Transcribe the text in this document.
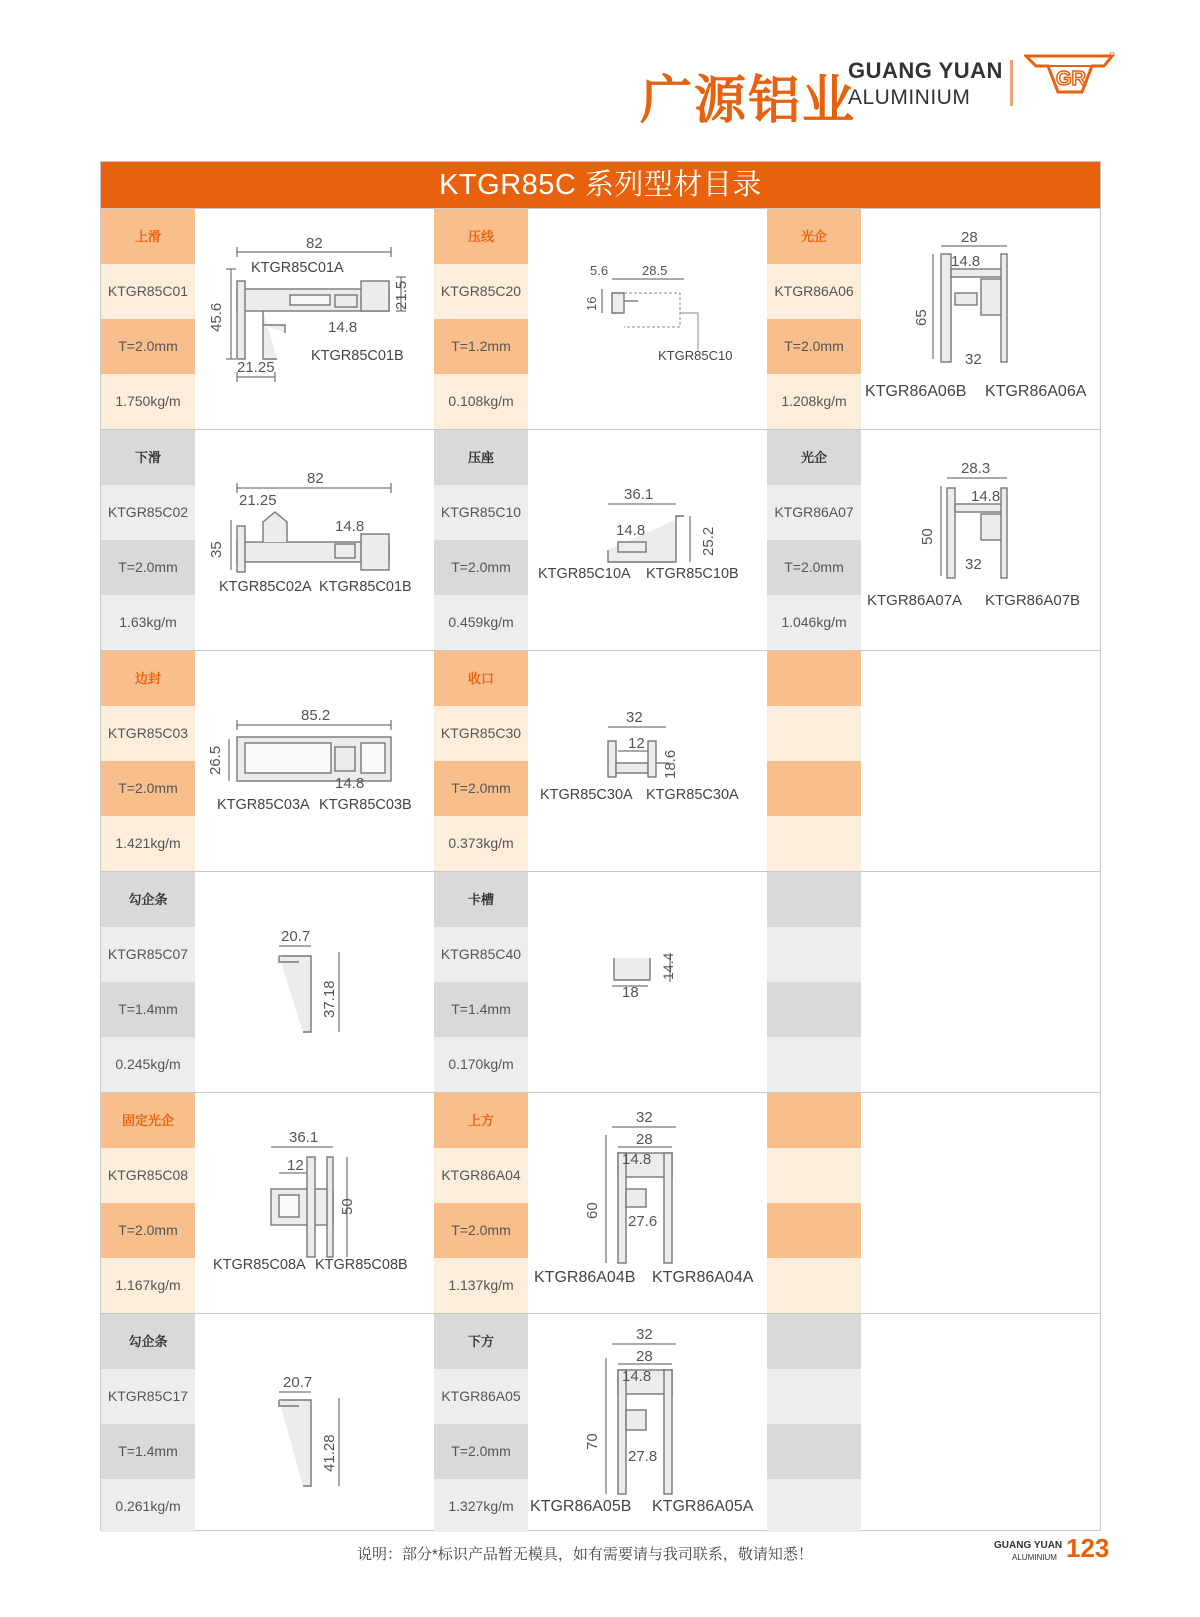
广源铝业
GUANG YUAN
ALUMINIUM
GR
KTGR85C 系列型材目录
上滑
KTGR85C01
T=2.0mm
1.750kg/m
82
21.5
45.6	14.8
21.25
KTGR85C01A
KTGR85C01B
压线
KTGR85C20
T=1.2mm
0.108kg/m
5.6	28.5
16
KTGR85C10
光企
KTGR86A06
T=2.0mm
1.208kg/m
28
14.8
65
32
KTGR86A06B KTGR86A06A
下滑
KTGR85C02
T=2.0mm
1.63kg/m
82
21.25
14.8
35
KTGR85C02A KTGR85C01B
压座
KTGR85C10
T=2.0mm
0.459kg/m
36.1
14.8	25.2
KTGR85C10A KTGR85C10B
光企
KTGR86A07
T=2.0mm
1.046kg/m
28.3
14.8
50
32
KTGR86A07A KTGR86A07B
边封
KTGR85C03
T=2.0mm
1.421kg/m
85.2
26.5
14.8
KTGR85C03A KTGR85C03B
收口
KTGR85C30
T=2.0mm
0.373kg/m
32
12
18.6
KTGR85C30A KTGR85C30A
勾企条
KTGR85C07
T=1.4mm
0.245kg/m
20.7
37.18
卡槽
KTGR85C40
T=1.4mm
0.170kg/m
18
14.4
固定光企
KTGR85C08
T=2.0mm
1.167kg/m
36.1
12
50
KTGR85C08A KTGR85C08B
上方
KTGR86A04
T=2.0mm
1.137kg/m
32
28
14.8
60
27.6
KTGR86A04B KTGR86A04A
勾企条
KTGR85C17
T=1.4mm
0.261kg/m
20.7
41.28
下方
KTGR86A05
T=2.0mm
1.327kg/m
32
28
14.8
70
27.8
KTGR86A05B KTGR86A05A
说明：部分*标识产品暂无模具，如有需要请与我司联系，敬请知悉！
GUANG YUAN
ALUMINIUM 123
